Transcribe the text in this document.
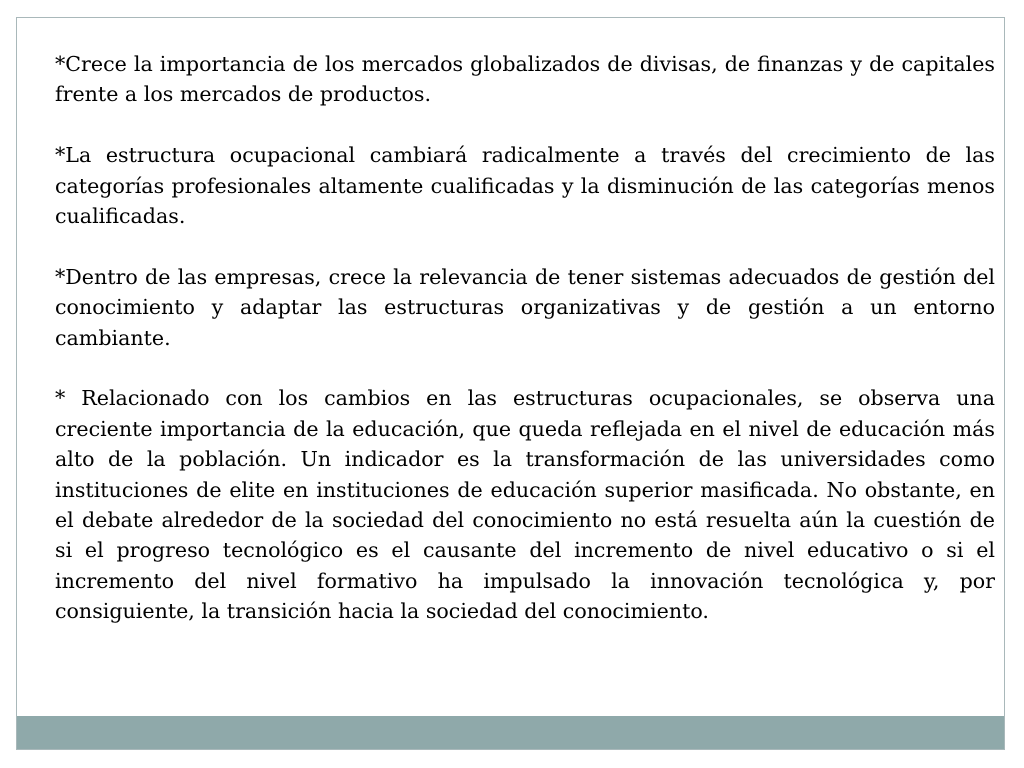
*Crece la importancia de los mercados globalizados de divisas, de finanzas y de capitales frente a los mercados de productos.

*La estructura ocupacional cambiará radicalmente a través del crecimiento de las categorías profesionales altamente cualificadas y la disminución de las categorías menos cualificadas.

*Dentro de las empresas, crece la relevancia de tener sistemas adecuados de gestión del conocimiento y adaptar las estructuras organizativas y de gestión a un entorno cambiante.

* Relacionado con los cambios en las estructuras ocupacionales, se observa una creciente importancia de la educación, que queda reflejada en el nivel de educación más alto de la población. Un indicador es la transformación de las universidades como instituciones de elite en instituciones de educación superior masificada. No obstante, en el debate alrededor de la sociedad del conocimiento no está resuelta aún la cuestión de si el progreso tecnológico es el causante del incremento de nivel educativo o si el incremento del nivel formativo ha impulsado la innovación tecnológica y, por consiguiente, la transición hacia la sociedad del conocimiento.
